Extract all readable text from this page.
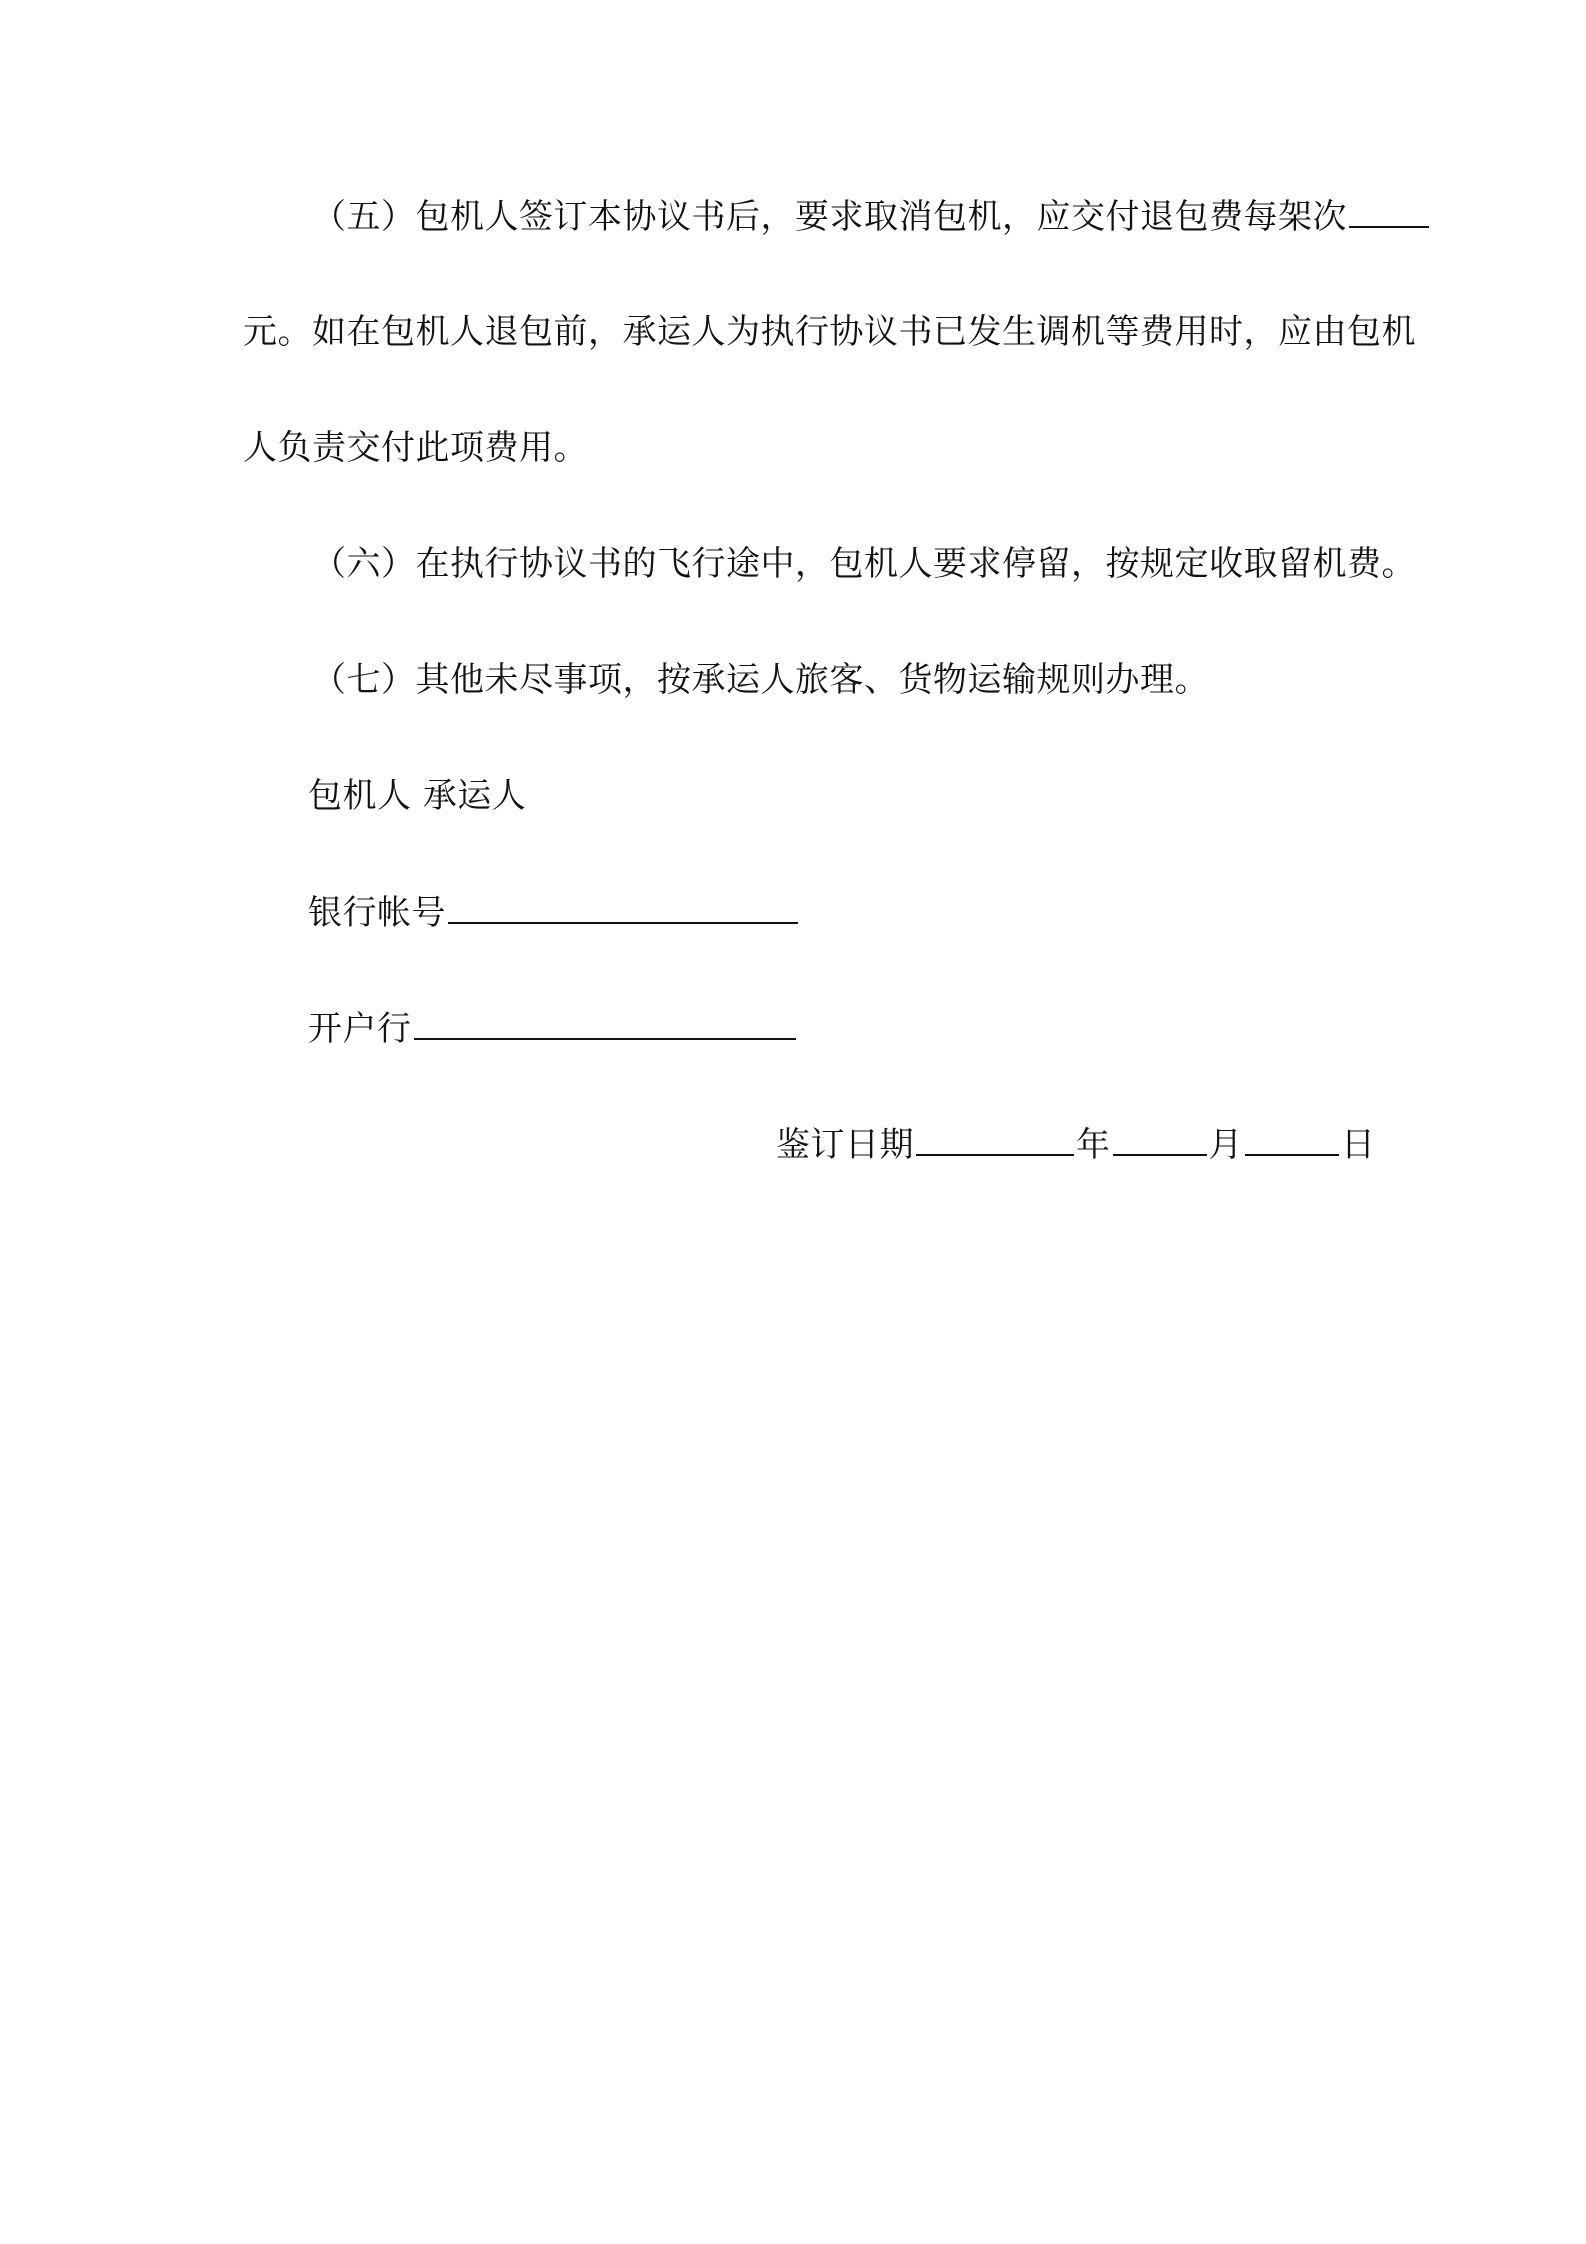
（五）包机人签订本协议书后，要求取消包机，应交付退包费每架次
元。如在包机人退包前，承运人为执行协议书已发生调机等费用时，应由包机
人负责交付此项费用。
（六）在执行协议书的飞行途中，包机人要求停留，按规定收取留机费。
（七）其他未尽事项，按承运人旅客、货物运输规则办理。
包机人 承运人
银行帐号
开户行
鉴订日期	年	月	日
